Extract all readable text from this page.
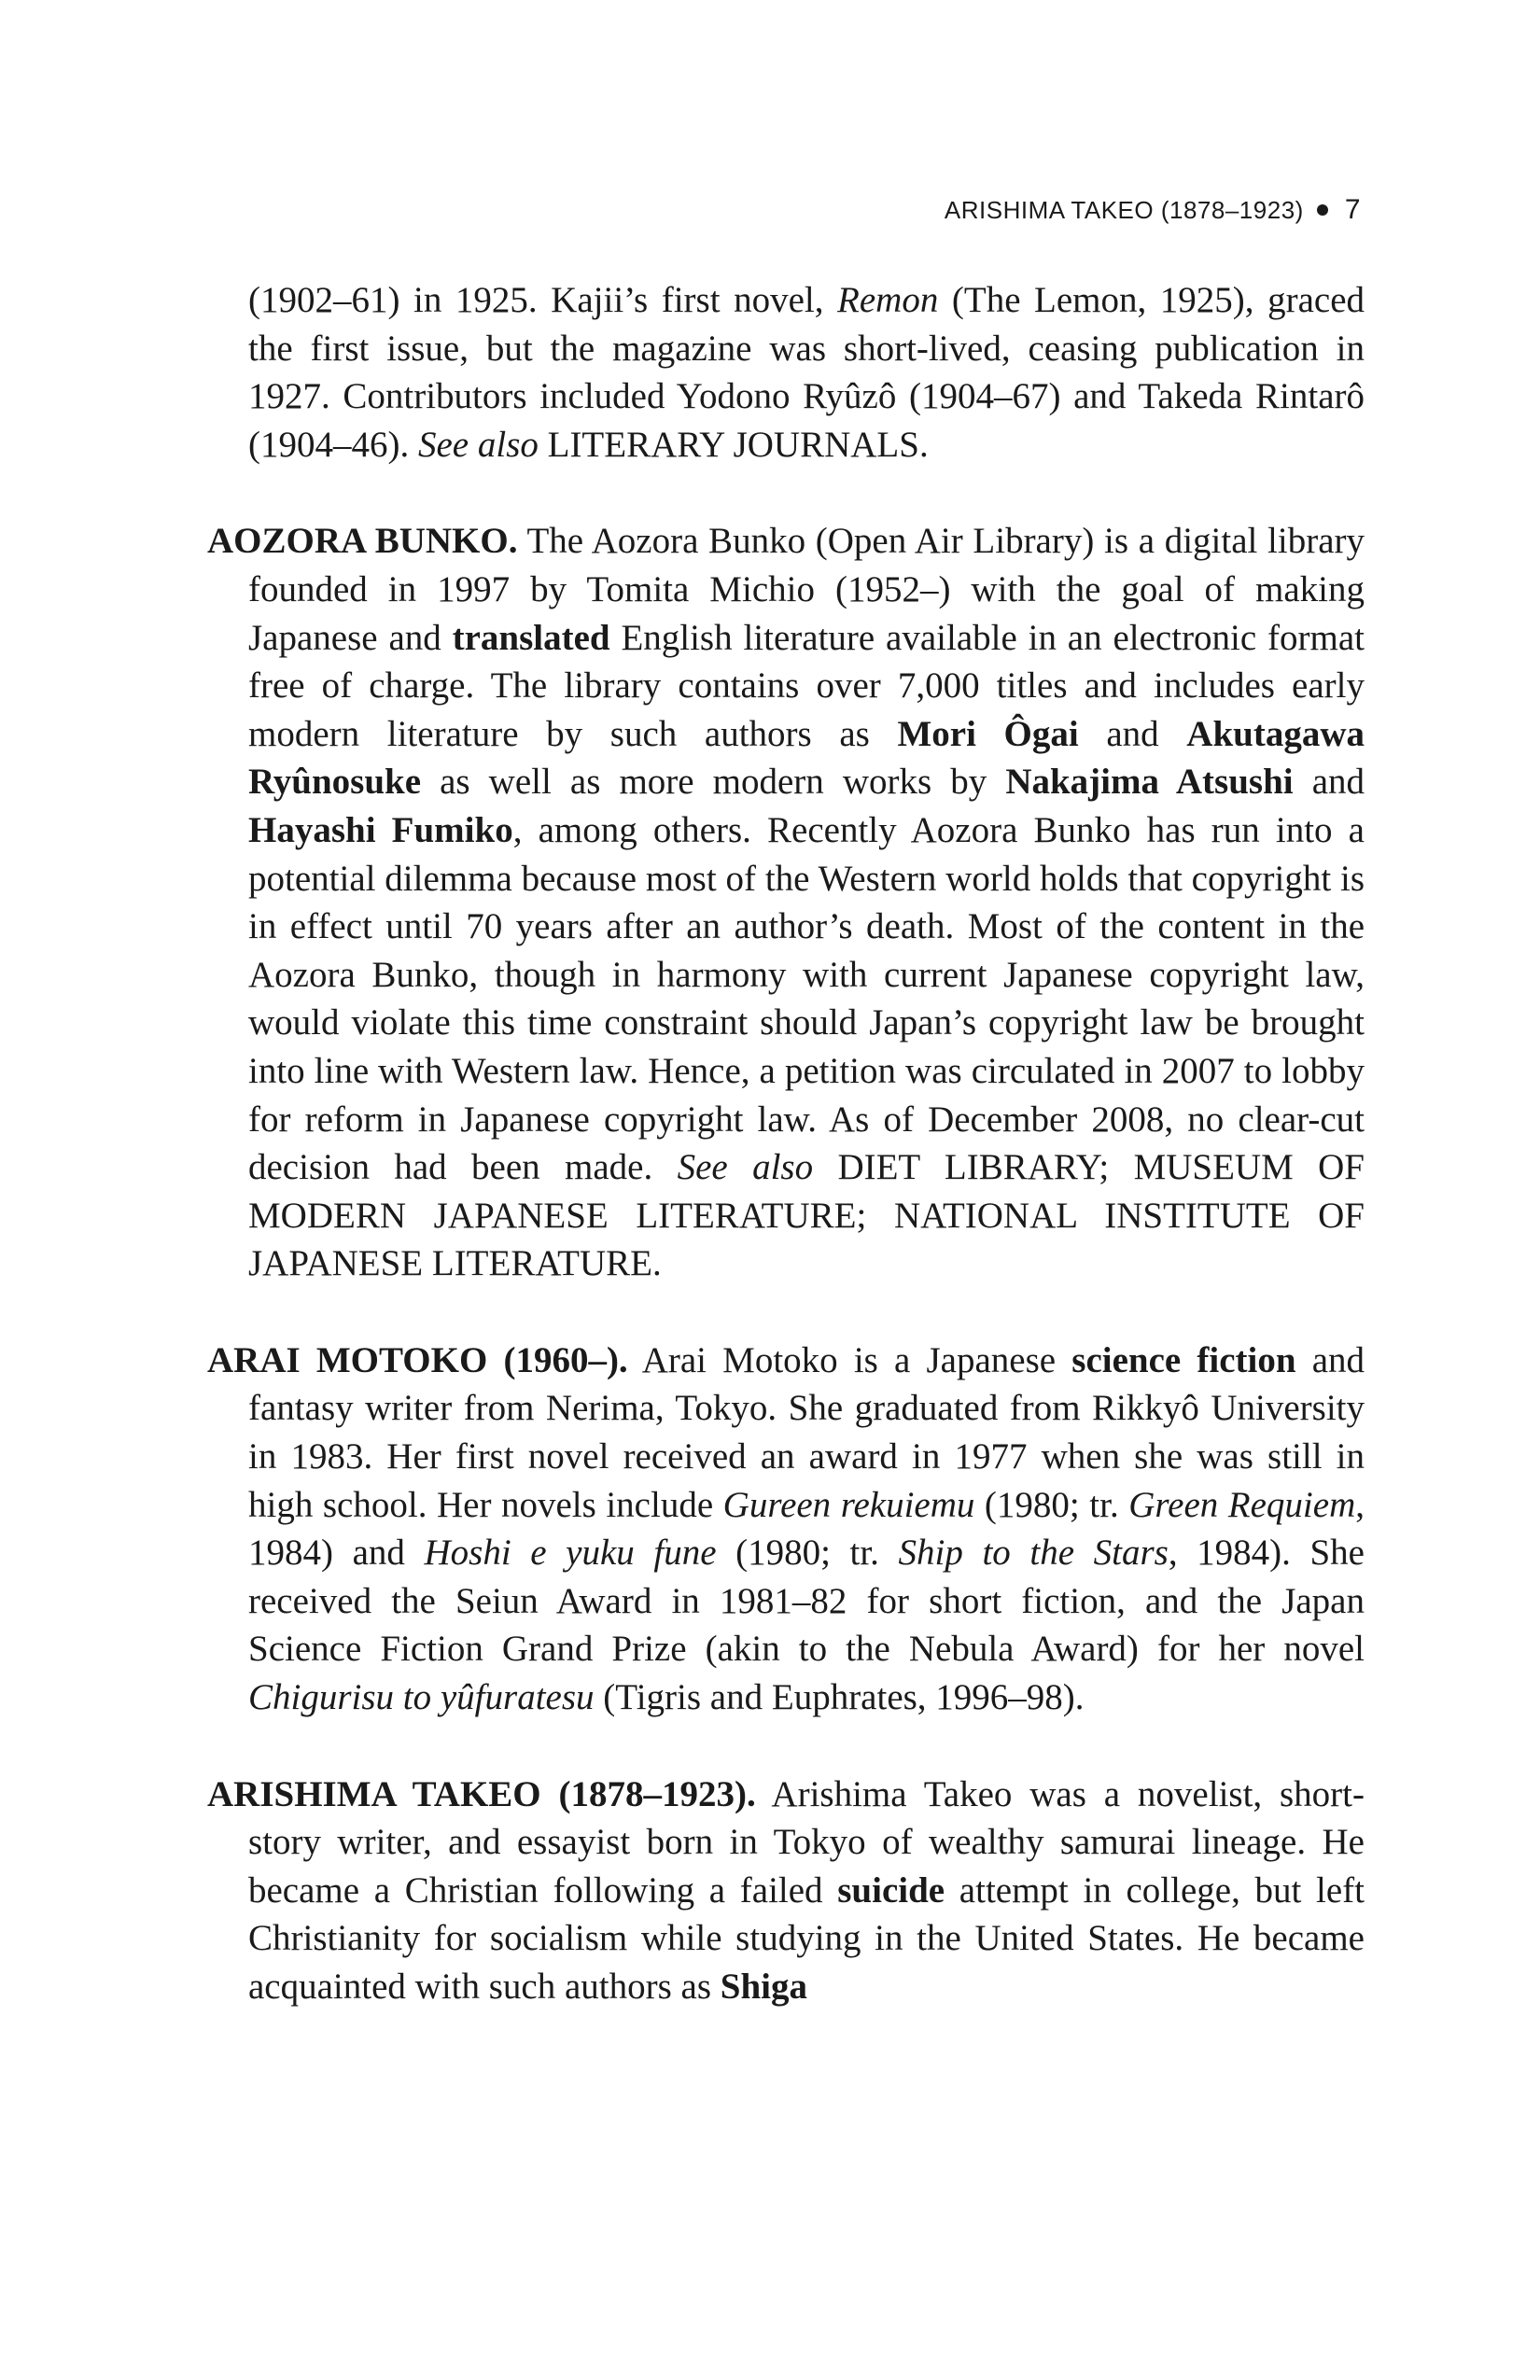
ARISHIMA TAKEO (1878–1923) 7

(1902–61) in 1925. Kajii’s first novel, Remon (The Lemon, 1925), graced the first issue, but the magazine was short-lived, ceasing publication in 1927. Contributors included Yodono Ryûzô (1904–67) and Takeda Rintarô (1904–46). See also LITERARY JOURNALS.

AOZORA BUNKO. The Aozora Bunko (Open Air Library) is a digital library founded in 1997 by Tomita Michio (1952–) with the goal of making Japanese and translated English literature available in an electronic format free of charge. The library contains over 7,000 titles and includes early modern literature by such authors as Mori Ôgai and Akutagawa Ryûnosuke as well as more modern works by Nakajima Atsushi and Hayashi Fumiko, among others. Recently Aozora Bunko has run into a potential dilemma because most of the Western world holds that copyright is in effect until 70 years after an author’s death. Most of the content in the Aozora Bunko, though in harmony with current Japanese copyright law, would violate this time constraint should Japan’s copyright law be brought into line with Western law. Hence, a petition was circulated in 2007 to lobby for reform in Japanese copyright law. As of December 2008, no clear-cut decision had been made. See also DIET LIBRARY; MUSEUM OF MODERN JAPANESE LITERATURE; NATIONAL INSTITUTE OF JAPANESE LITERATURE.

ARAI MOTOKO (1960–). Arai Motoko is a Japanese science fiction and fantasy writer from Nerima, Tokyo. She graduated from Rikkyô University in 1983. Her first novel received an award in 1977 when she was still in high school. Her novels include Gureen rekuiemu (1980; tr. Green Requiem, 1984) and Hoshi e yuku fune (1980; tr. Ship to the Stars, 1984). She received the Seiun Award in 1981–82 for short fiction, and the Japan Science Fiction Grand Prize (akin to the Nebula Award) for her novel Chigurisu to yûfuratesu (Tigris and Euphrates, 1996–98).

ARISHIMA TAKEO (1878–1923). Arishima Takeo was a novelist, short-story writer, and essayist born in Tokyo of wealthy samurai lineage. He became a Christian following a failed suicide attempt in college, but left Christianity for socialism while studying in the United States. He became acquainted with such authors as Shiga
